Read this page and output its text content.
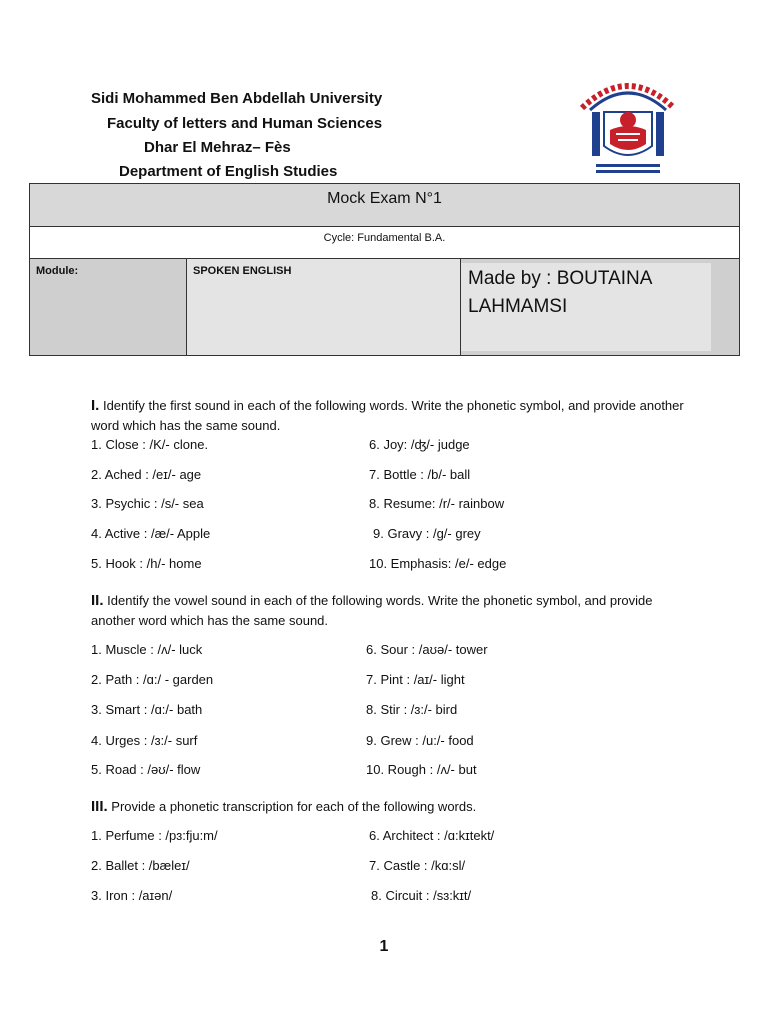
Sidi Mohammed Ben Abdellah University
Faculty of letters and Human Sciences
Dhar El Mehraz– Fès
Department of English Studies
Mock Exam N°1
Cycle: Fundamental B.A.
Module:	SPOKEN ENGLISH	Made by : BOUTAINA LAHMAMSI
I. Identify the first sound in each of the following words. Write the phonetic symbol, and provide another word which has the same sound.
1. Close : /K/- clone.
2. Ached : /eɪ/- age
3. Psychic : /s/- sea
4. Active : /æ/- Apple
5. Hook : /h/- home
6. Joy: /ʤ/- judge
7. Bottle : /b/- ball
8. Resume: /r/- rainbow
9. Gravy : /g/- grey
10. Emphasis: /e/- edge
II. Identify the vowel sound in each of the following words. Write the phonetic symbol, and provide another word which has the same sound.
1. Muscle : /ʌ/- luck
2. Path : /ɑ:/ - garden
3. Smart : /ɑ:/- bath
4. Urges : /ɜ:/- surf
5. Road : /əʊ/- flow
6. Sour : /aʊə/- tower
7. Pint : /aɪ/- light
8. Stir : /ɜ:/- bird
9. Grew : /u:/- food
10. Rough : /ʌ/- but
III. Provide a phonetic transcription for each of the following words.
1. Perfume : /pɜ:fju:m/
2. Ballet : /bæleɪ/
3. Iron : /aɪən/
6. Architect : /ɑ:kɪtekt/
7. Castle : /kɑ:sl/
8. Circuit : /sɜ:kɪt/
1
